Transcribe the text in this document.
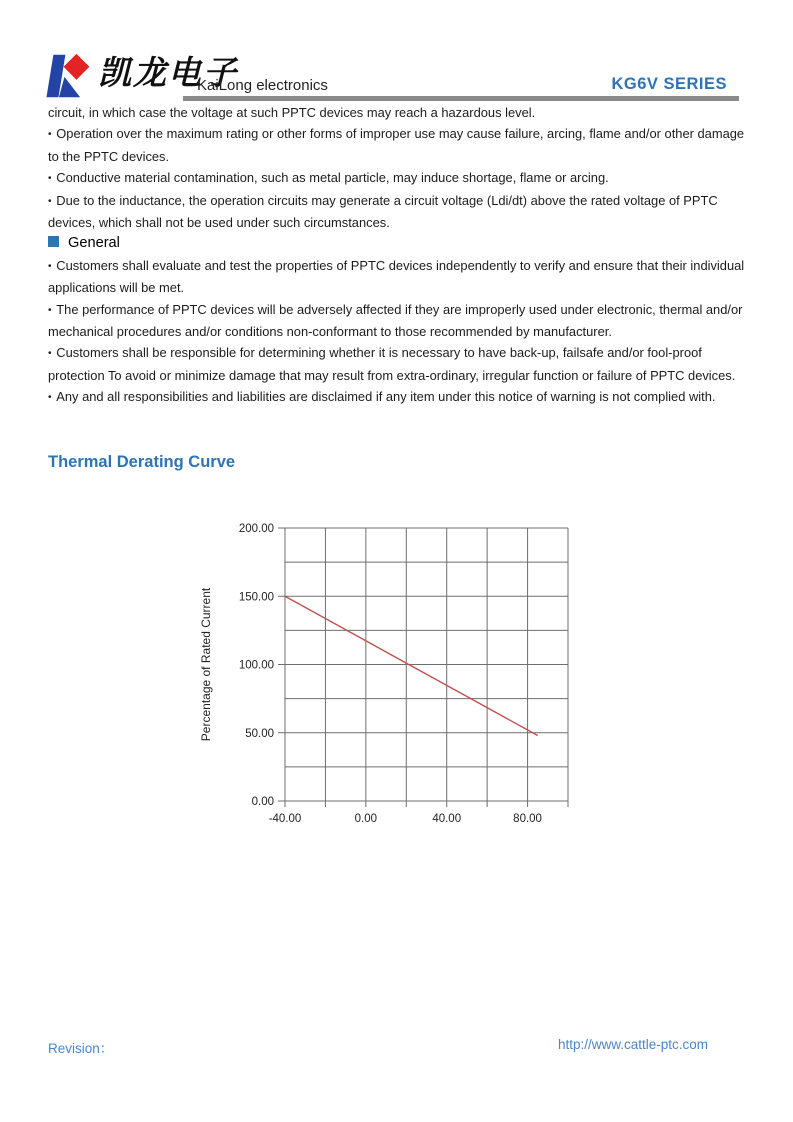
凯龙电子
KaiLong electronics	KG6V SERIES

circuit, in which case the voltage at such PPTC devices may reach a hazardous level.

• Operation over the maximum rating or other forms of improper use may cause failure, arcing, flame and/or other damage to the PPTC devices.

• Conductive material contamination, such as metal particle, may induce shortage, flame or arcing.

• Due to the inductance, the operation circuits may generate a circuit voltage (Ldi/dt) above the rated voltage of PPTC devices, which shall not be used under such circumstances.

General

• Customers shall evaluate and test the properties of PPTC devices independently to verify and ensure that their individual applications will be met.

• The performance of PPTC devices will be adversely affected if they are improperly used under electronic, thermal and/or mechanical procedures and/or conditions non-conformant to those recommended by manufacturer.

• Customers shall be responsible for determining whether it is necessary to have back-up, failsafe and/or fool-proof protection To avoid or minimize damage that may result from extra-ordinary, irregular function or failure of PPTC devices.

• Any and all responsibilities and liabilities are disclaimed if any item under this notice of warning is not complied with.

Thermal Derating Curve
0.00
50.00
100.00
150.00
200.00
-40.00	0.00	40.00	80.00
Percentage of Rated Current
Revision：	http://www.cattle-ptc.com
